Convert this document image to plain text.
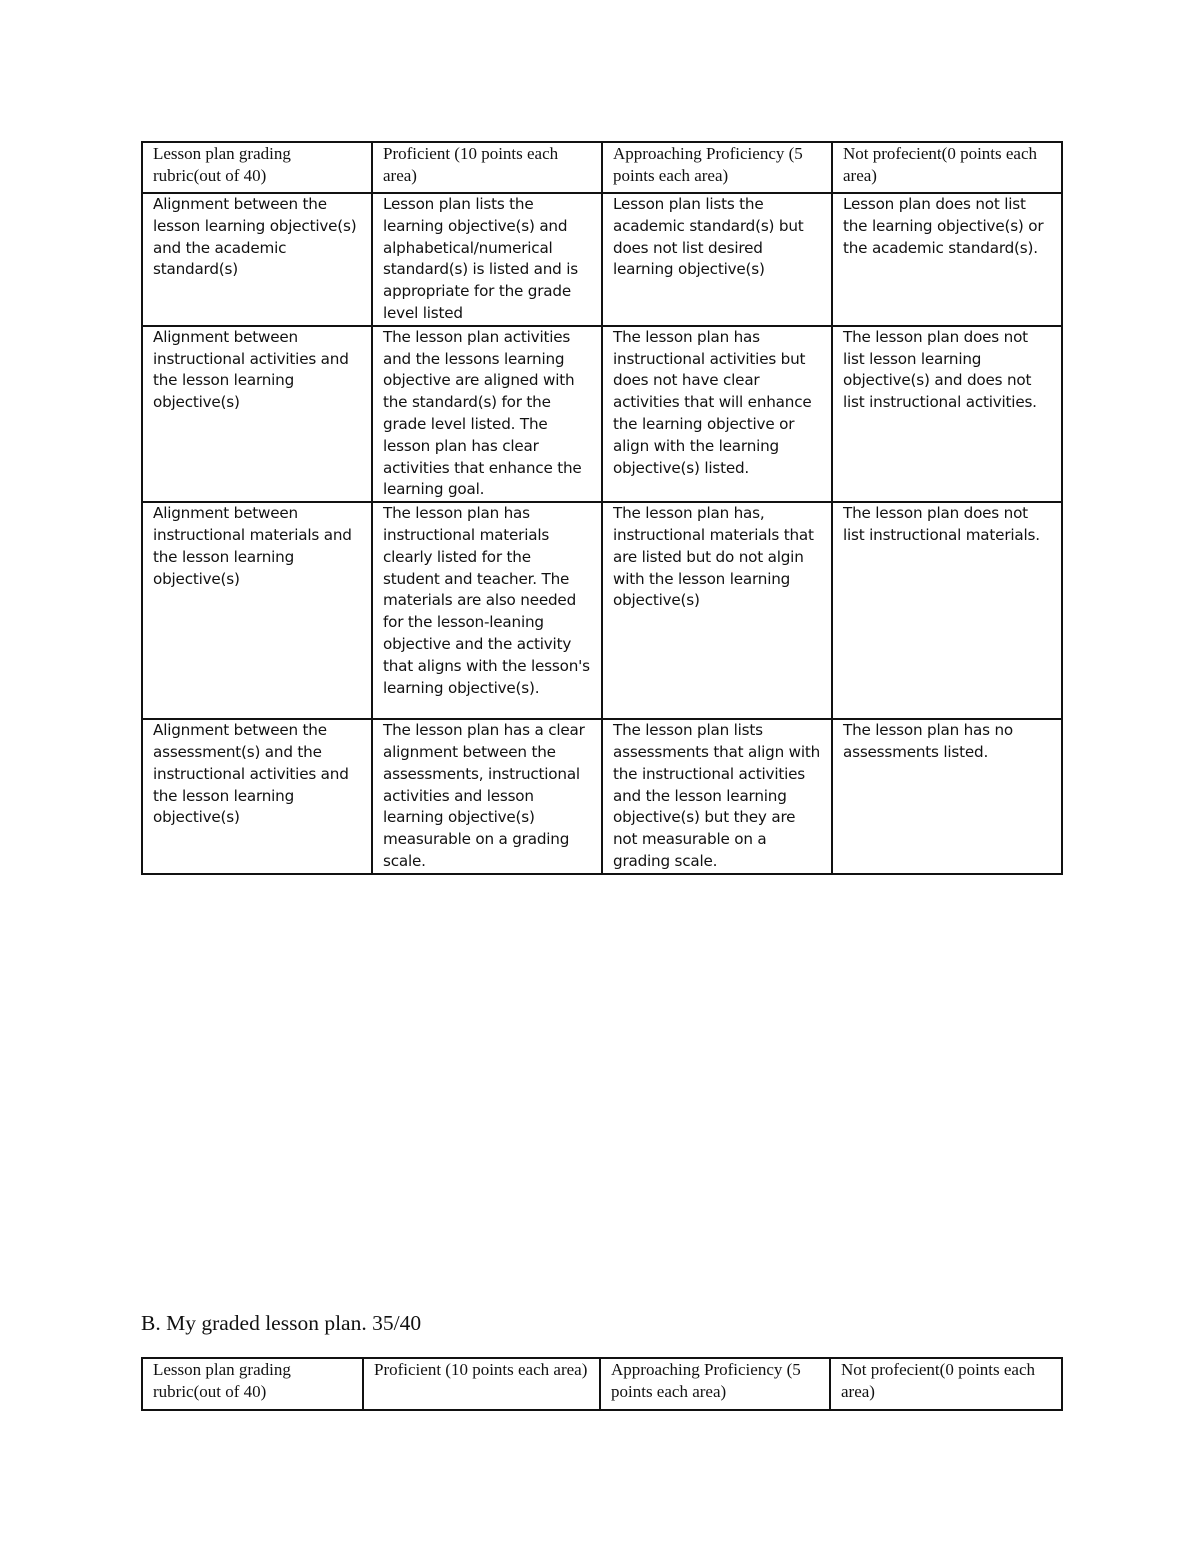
Lesson plan grading rubric(out of 40)	Proficient (10 points each area)	Approaching Proficiency (5 points each area)	Not profecient(0 points each area)
Alignment between the lesson learning objective(s) and the academic standard(s)	Lesson plan lists the learning objective(s) and alphabetical/numerical standard(s) is listed and is appropriate for the grade level listed	Lesson plan lists the academic standard(s) but does not list desired learning objective(s)	Lesson plan does not list the learning objective(s) or the academic standard(s).
Alignment between instructional activities and the lesson learning objective(s)	The lesson plan activities and the lessons learning objective are aligned with the standard(s) for the grade level listed. The lesson plan has clear activities that enhance the learning goal.	The lesson plan has instructional activities but does not have clear activities that will enhance the learning objective or align with the learning objective(s) listed.	The lesson plan does not list lesson learning objective(s) and does not list instructional activities.
Alignment between instructional materials and the lesson learning objective(s)	The lesson plan has instructional materials clearly listed for the student and teacher. The materials are also needed for the lesson-leaning objective and the activity that aligns with the lesson's learning objective(s).	The lesson plan has, instructional materials that are listed but do not algin with the lesson learning objective(s)	The lesson plan does not list instructional materials.
Alignment between the assessment(s) and the instructional activities and the lesson learning objective(s)	The lesson plan has a clear alignment between the assessments, instructional activities and lesson learning objective(s) measurable on a grading scale.	The lesson plan lists assessments that align with the instructional activities and the lesson learning objective(s) but they are not measurable on a grading scale.	The lesson plan has no assessments listed.
B. My graded lesson plan. 35/40
Lesson plan grading rubric(out of 40)	Proficient (10 points each area)	Approaching Proficiency (5 points each area)	Not profecient(0 points each area)
